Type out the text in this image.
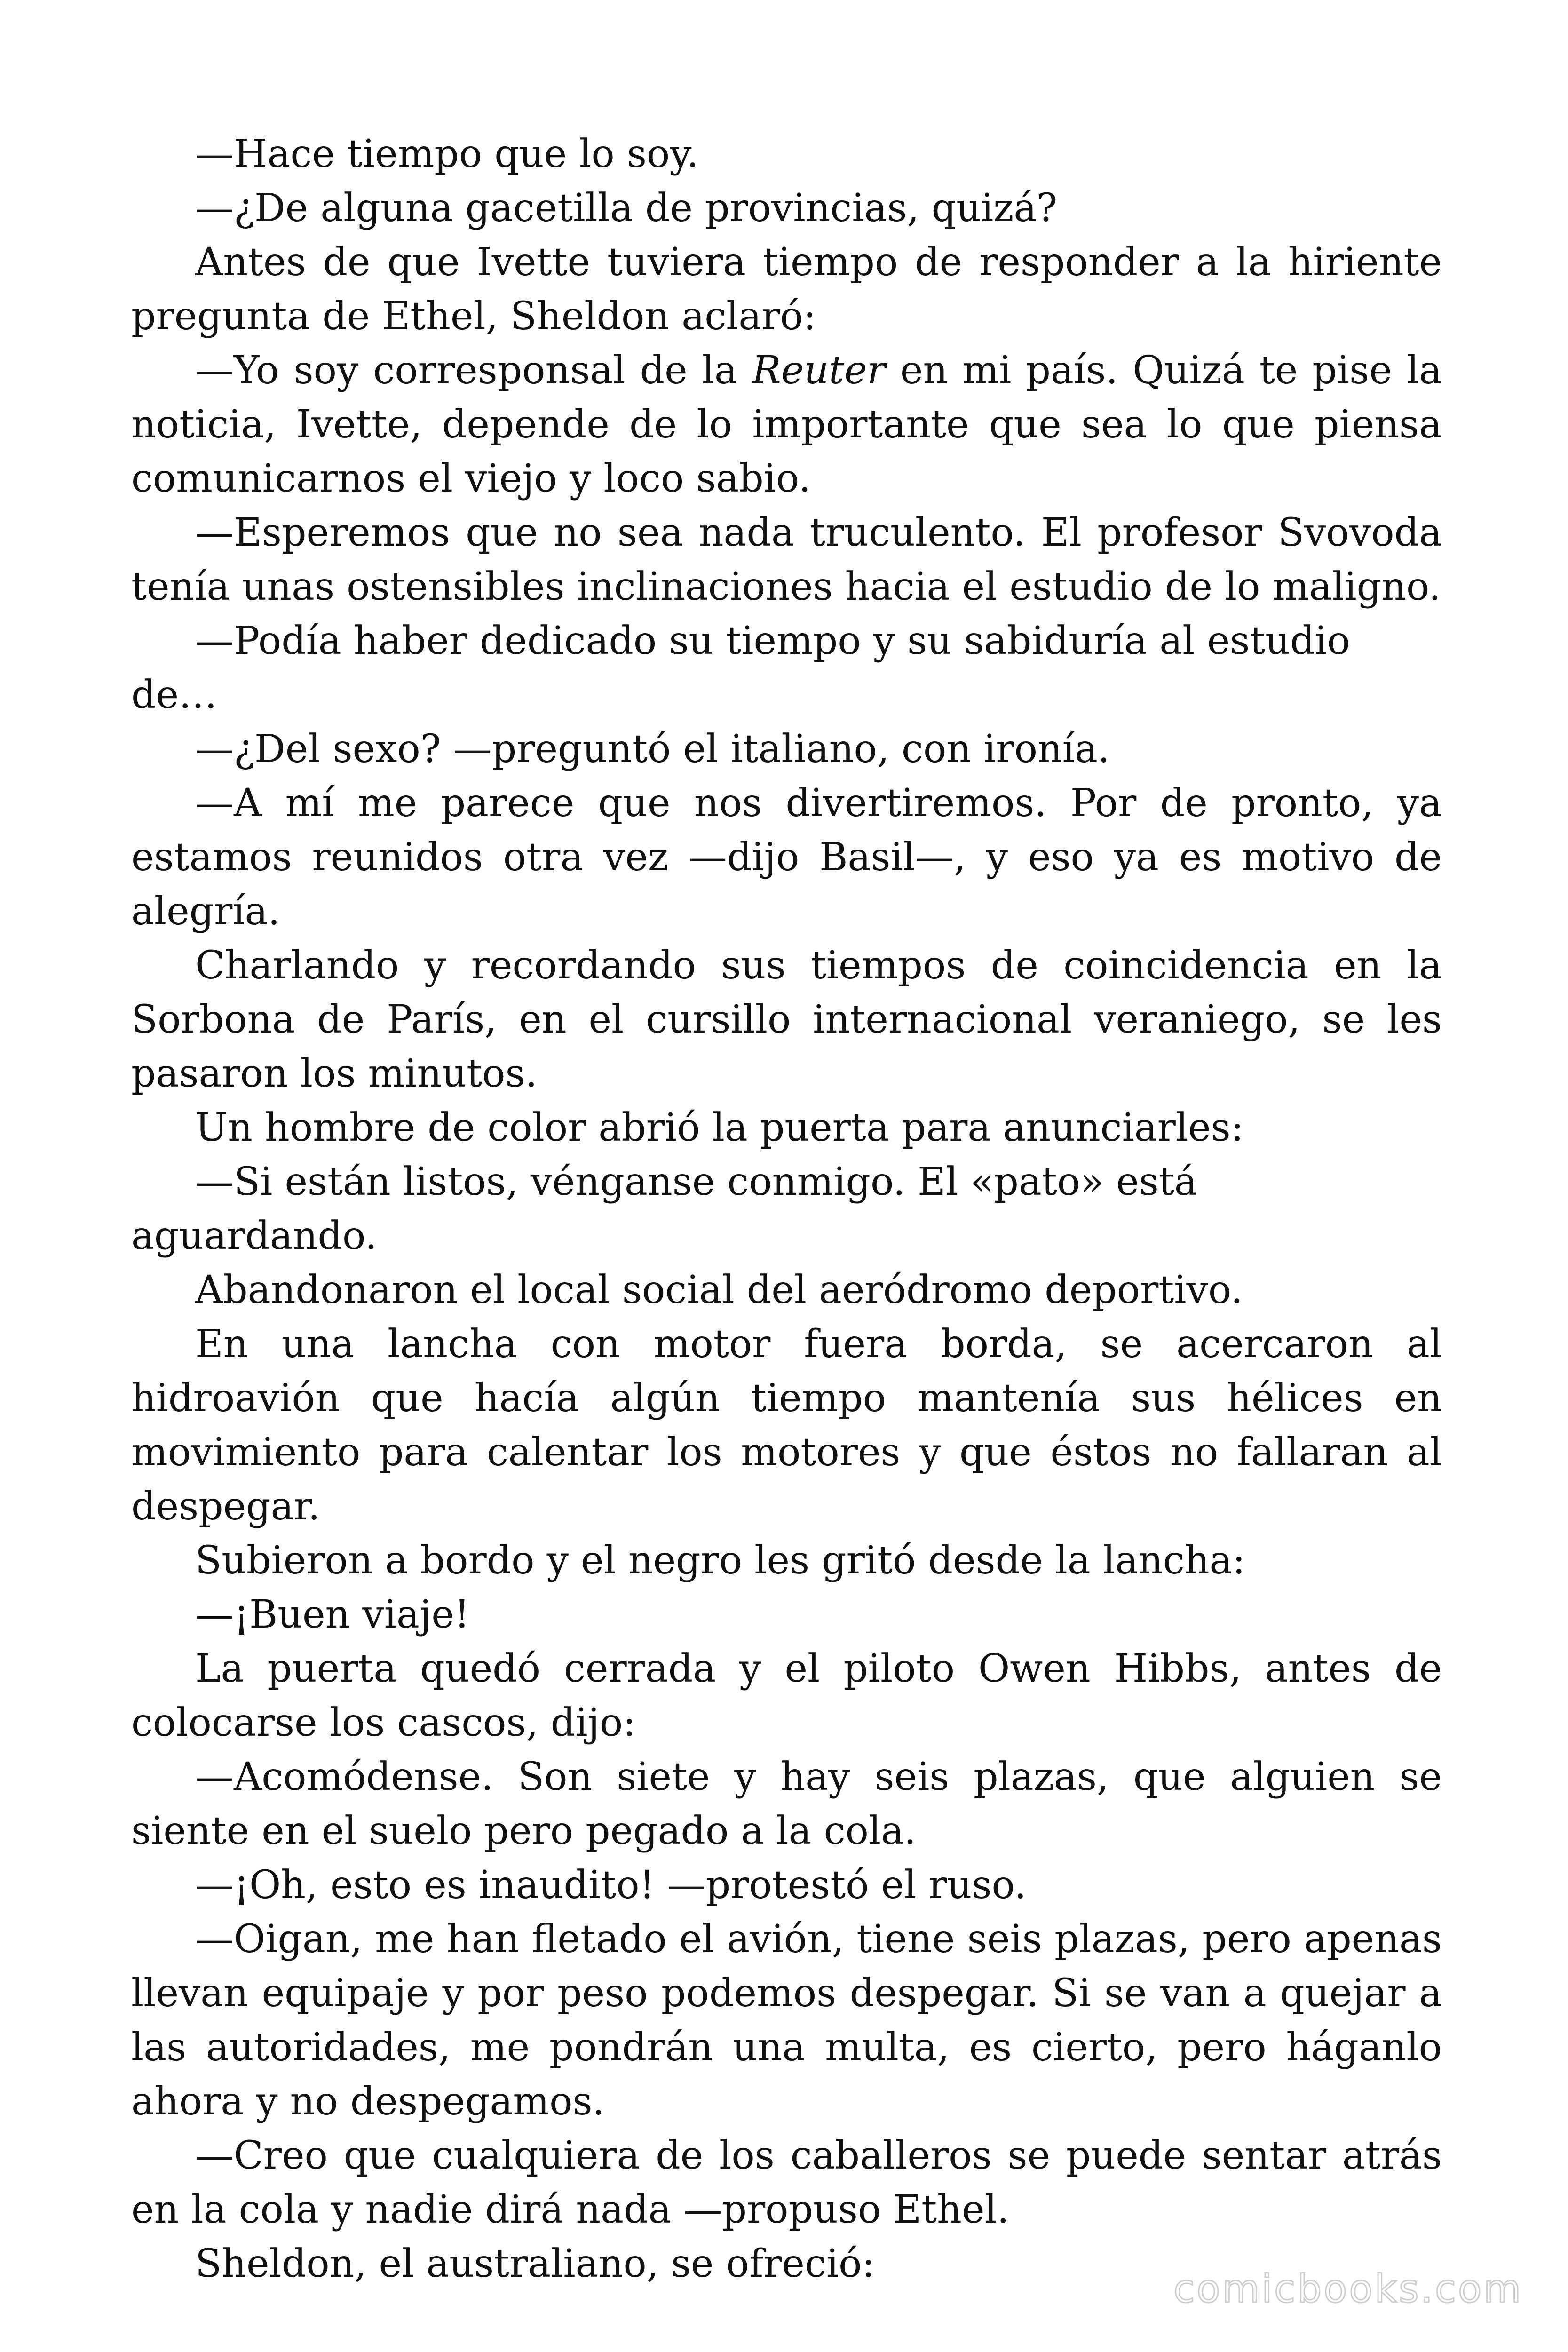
—Hace tiempo que lo soy.

—¿De alguna gacetilla de provincias, quizá?

Antes de que Ivette tuviera tiempo de responder a la hiriente pregunta de Ethel, Sheldon aclaró:

—Yo soy corresponsal de la Reuter en mi país. Quizá te pise la noticia, Ivette, depende de lo importante que sea lo que piensa comunicarnos el viejo y loco sabio.

—Esperemos que no sea nada truculento. El profesor Svovoda tenía unas ostensibles inclinaciones hacia el estudio de lo maligno.

—Podía haber dedicado su tiempo y su sabiduría al estudio de…

—¿Del sexo? —preguntó el italiano, con ironía.

—A mí me parece que nos divertiremos. Por de pronto, ya estamos reunidos otra vez —dijo Basil—, y eso ya es motivo de alegría.

Charlando y recordando sus tiempos de coincidencia en la Sorbona de París, en el cursillo internacional veraniego, se les pasaron los minutos.

Un hombre de color abrió la puerta para anunciarles:

—Si están listos, vénganse conmigo. El «pato» está aguardando.

Abandonaron el local social del aeródromo deportivo.

En una lancha con motor fuera borda, se acercaron al hidroavión que hacía algún tiempo mantenía sus hélices en movimiento para calentar los motores y que éstos no fallaran al despegar.

Subieron a bordo y el negro les gritó desde la lancha:

—¡Buen viaje!

La puerta quedó cerrada y el piloto Owen Hibbs, antes de colocarse los cascos, dijo:

—Acomódense. Son siete y hay seis plazas, que alguien se siente en el suelo pero pegado a la cola.

—¡Oh, esto es inaudito! —protestó el ruso.

—Oigan, me han fletado el avión, tiene seis plazas, pero apenas llevan equipaje y por peso podemos despegar. Si se van a quejar a las autoridades, me pondrán una multa, es cierto, pero háganlo ahora y no despegamos.

—Creo que cualquiera de los caballeros se puede sentar atrás en la cola y nadie dirá nada —propuso Ethel.

Sheldon, el australiano, se ofreció:

comicbooks.com
